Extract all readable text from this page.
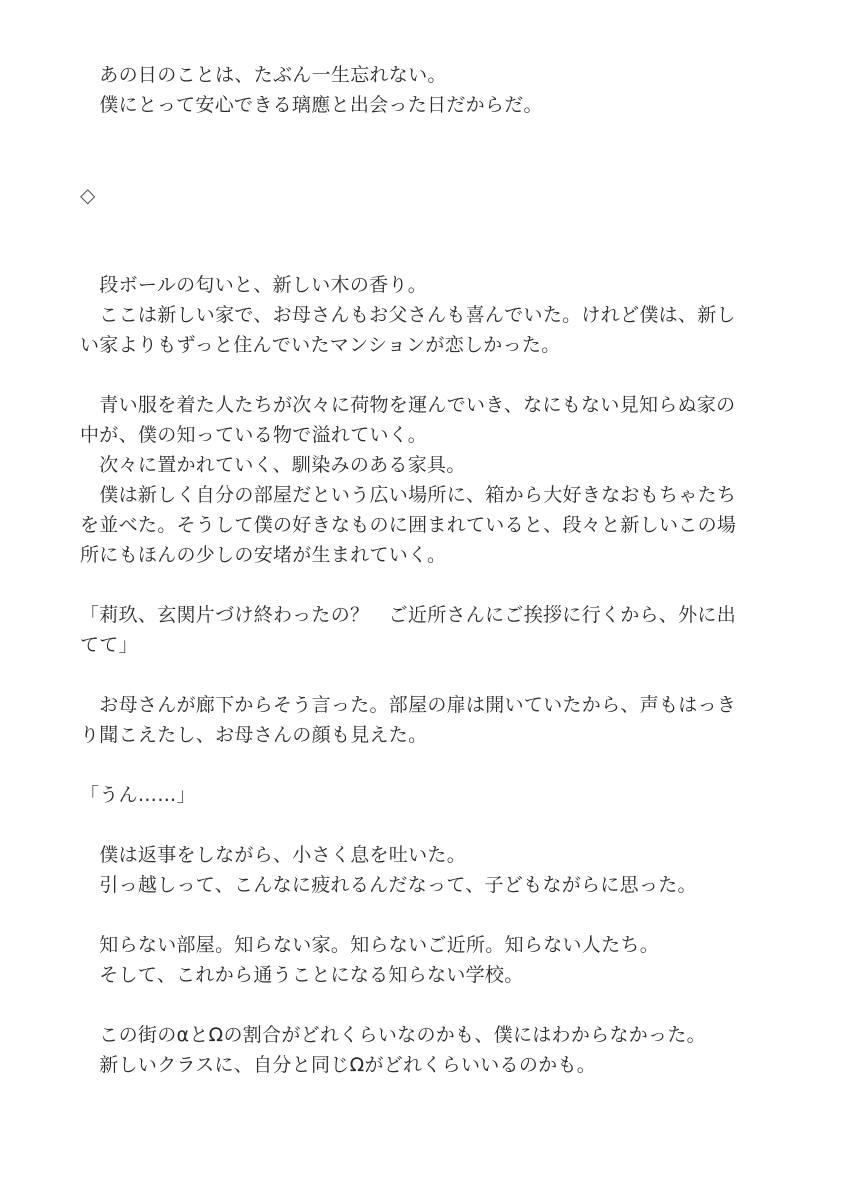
　あの日のことは、たぶん一生忘れない。
　僕にとって安心できる璃應と出会った日だからだ。
◇
　段ボールの匂いと、新しい木の香り。
　ここは新しい家で、お母さんもお父さんも喜んでいた。けれど僕は、新し
い家よりもずっと住んでいたマンションが恋しかった。
　青い服を着た人たちが次々に荷物を運んでいき、なにもない見知らぬ家の
中が、僕の知っている物で溢れていく。
　次々に置かれていく、馴染みのある家具。
　僕は新しく自分の部屋だという広い場所に、箱から大好きなおもちゃたち
を並べた。そうして僕の好きなものに囲まれていると、段々と新しいこの場
所にもほんの少しの安堵が生まれていく。
「莉玖、玄関片づけ終わったの？　ご近所さんにご挨拶に行くから、外に出
てて」
　お母さんが廊下からそう言った。部屋の扉は開いていたから、声もはっき
り聞こえたし、お母さんの顔も見えた。
「うん……」
　僕は返事をしながら、小さく息を吐いた。
　引っ越しって、こんなに疲れるんだなって、子どもながらに思った。
　知らない部屋。知らない家。知らないご近所。知らない人たち。
　そして、これから通うことになる知らない学校。
　この街のαとΩの割合がどれくらいなのかも、僕にはわからなかった。
　新しいクラスに、自分と同じΩがどれくらいいるのかも。
